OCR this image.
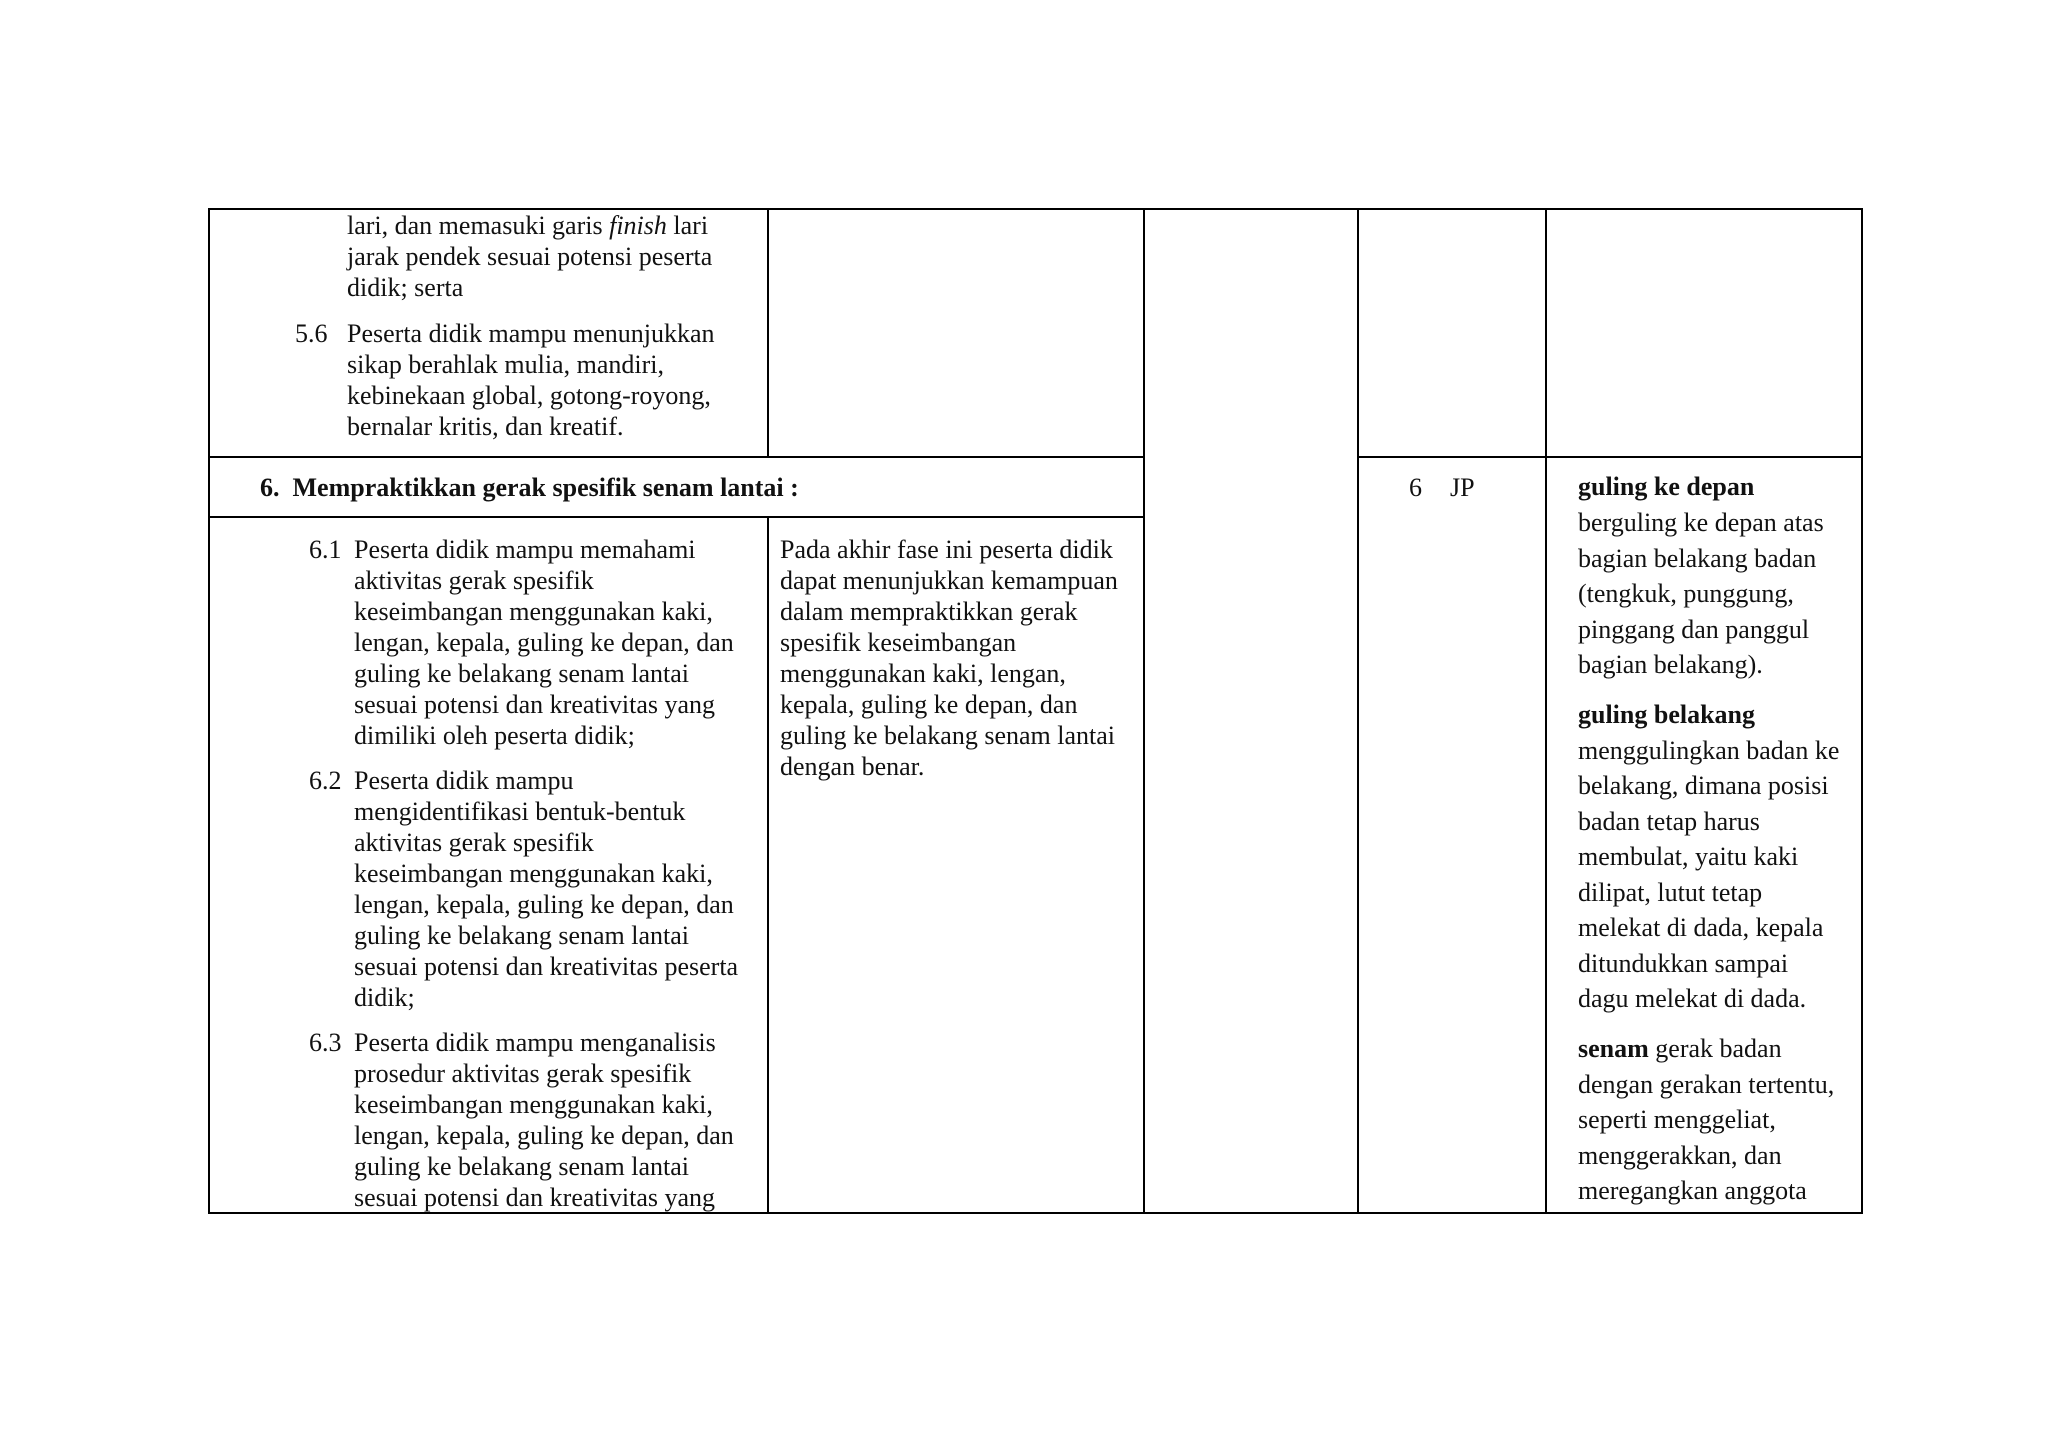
lari, dan memasuki garis finish lari
jarak pendek sesuai potensi peserta
didik; serta
5.6 Peserta didik mampu menunjukkan
sikap berahlak mulia, mandiri,
kebinekaan global, gotong-royong,
bernalar kritis, dan kreatif.
6.  Mempraktikkan gerak spesifik senam lantai :	6 JP
6.1 Peserta didik mampu memahami
aktivitas gerak spesifik
keseimbangan menggunakan kaki,
lengan, kepala, guling ke depan, dan
guling ke belakang senam lantai
sesuai potensi dan kreativitas yang
dimiliki oleh peserta didik;
6.2 Peserta didik mampu
mengidentifikasi bentuk-bentuk
aktivitas gerak spesifik
keseimbangan menggunakan kaki,
lengan, kepala, guling ke depan, dan
guling ke belakang senam lantai
sesuai potensi dan kreativitas peserta
didik;
6.3 Peserta didik mampu menganalisis
prosedur aktivitas gerak spesifik
keseimbangan menggunakan kaki,
lengan, kepala, guling ke depan, dan
guling ke belakang senam lantai
sesuai potensi dan kreativitas yang
Pada akhir fase ini peserta didik
dapat menunjukkan kemampuan
dalam mempraktikkan gerak
spesifik keseimbangan
menggunakan kaki, lengan,
kepala, guling ke depan, dan
guling ke belakang senam lantai
dengan benar.
guling ke depan
berguling ke depan atas
bagian belakang badan
(tengkuk, punggung,
pinggang dan panggul
bagian belakang).
guling belakang
menggulingkan badan ke
belakang, dimana posisi
badan tetap harus
membulat, yaitu kaki
dilipat, lutut tetap
melekat di dada, kepala
ditundukkan sampai
dagu melekat di dada.
senam gerak badan
dengan gerakan tertentu,
seperti menggeliat,
menggerakkan, dan
meregangkan anggota
